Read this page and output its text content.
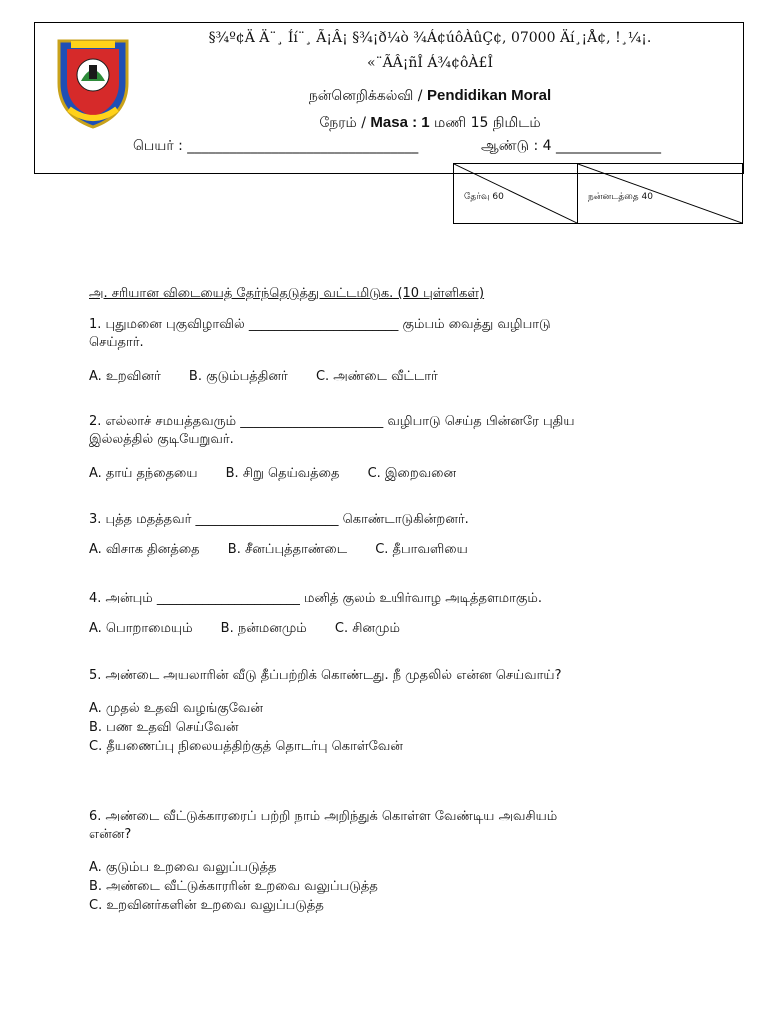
§¾º¢Ä Ä¨¸ Íí¨¸ Ã¡Â¡ §¾¡ð¼ò ¾Á¢úôÀûÇ¢, 07000 Äí¸¡Å¢, !¸¼¡.
«¨ÃÂ¡ñÎ Á¾¢ôÀ£Î
நன்னெறிக்கல்வி / Pendidikan Moral
நேரம் / Masa : 1 மணி 15 நிமிடம்
பெயர் : _________________________________	ஆண்டு : 4 _______________
தேர்வு 60	நன்னடத்தை 40
அ. சரியான விடையைத் தேர்ந்தெடுத்து வட்டமிடுக. (10 புள்ளிகள்)
1. புதுமனை புகுவிழாவில் _______________________ கும்பம் வைத்து வழிபாடு
செய்தார்.
A. உறவினர் B. குடும்பத்தினர் C. அண்டை வீட்டார்
2. எல்லாச் சமயத்தவரும் ______________________ வழிபாடு செய்த பின்னரே புதிய
இல்லத்தில் குடியேறுவர்.
A. தாய் தந்தையை B. சிறு தெய்வத்தை C. இறைவனை
3. புத்த மதத்தவர் ______________________ கொண்டாடுகின்றனர்.
A. விசாக தினத்தை B. சீனப்புத்தாண்டை C. தீபாவளியை
4. அன்பும் ______________________ மனித் குலம் உயிர்வாழ அடித்தளமாகும்.
A. பொறாமையும் B. நன்மனமும் C. சினமும்
5. அண்டை அயலாரின் வீடு தீப்பற்றிக் கொண்டது. நீ முதலில் என்ன செய்வாய்?
A. முதல் உதவி வழங்குவேன்
B. பண உதவி செய்வேன்
C. தீயணைப்பு நிலையத்திற்குத் தொடர்பு கொள்வேன்
6. அண்டை வீட்டுக்காரரைப் பற்றி நாம் அறிந்துக் கொள்ள வேண்டிய அவசியம்
என்ன?
A. குடும்ப உறவை வலுப்படுத்த
B. அண்டை வீட்டுக்காரரின் உறவை வலுப்படுத்த
C. உறவினர்களின் உறவை வலுப்படுத்த
